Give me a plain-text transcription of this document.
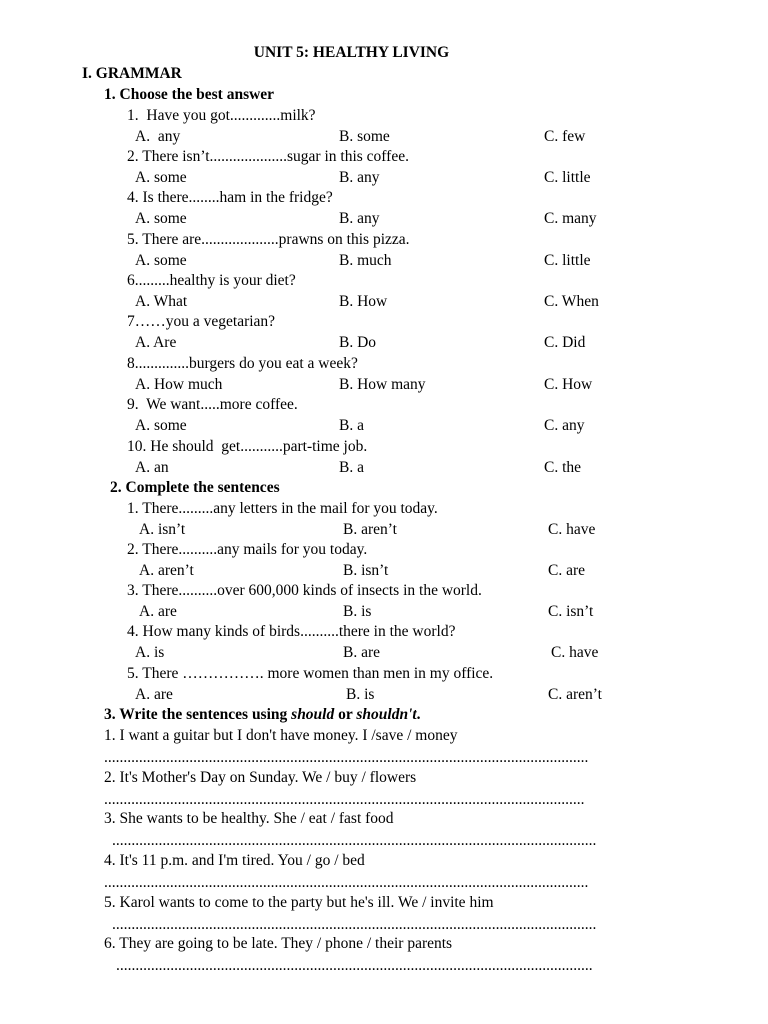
UNIT 5: HEALTHY LIVING
I. GRAMMAR
1. Choose the best answer
1.  Have you got.............milk?
A.  any	B. some	C. few
2. There isn’t....................sugar in this coffee.
A. some	B. any	C. little
4. Is there........ham in the fridge?
A. some	B. any	C. many
5. There are....................prawns on this pizza.
A. some	B. much	C. little
6.........healthy is your diet?
A. What	B. How	C. When
7……you a vegetarian?
A. Are	B. Do	C. Did
8..............burgers do you eat a week?
A. How much	B. How many	C. How
9.  We want.....more coffee.
A. some	B. a	C. any
10. He should  get...........part-time job.
A. an	B. a	C. the
2. Complete the sentences
1. There.........any letters in the mail for you today.
A. isn’t	B. aren’t	C. have
2. There..........any mails for you today.
A. aren’t	B. isn’t	C. are
3. There..........over 600,000 kinds of insects in the world.
A. are	B. is	C. isn’t
4. How many kinds of birds..........there in the world?
A. is	B. are	C. have
5. There ……………. more women than men in my office.
A. are	B. is	C. aren’t
3. Write the sentences using should or shouldn't.
1. I want a guitar but I don't have money. I /save / money
.............................................................................................................................
2. It's Mother's Day on Sunday. We / buy / flowers
............................................................................................................................
3. She wants to be healthy. She / eat / fast food
.............................................................................................................................
4. It's 11 p.m. and I'm tired. You / go / bed
.............................................................................................................................
5. Karol wants to come to the party but he's ill. We / invite him
.............................................................................................................................
6. They are going to be late. They / phone / their parents
...........................................................................................................................
